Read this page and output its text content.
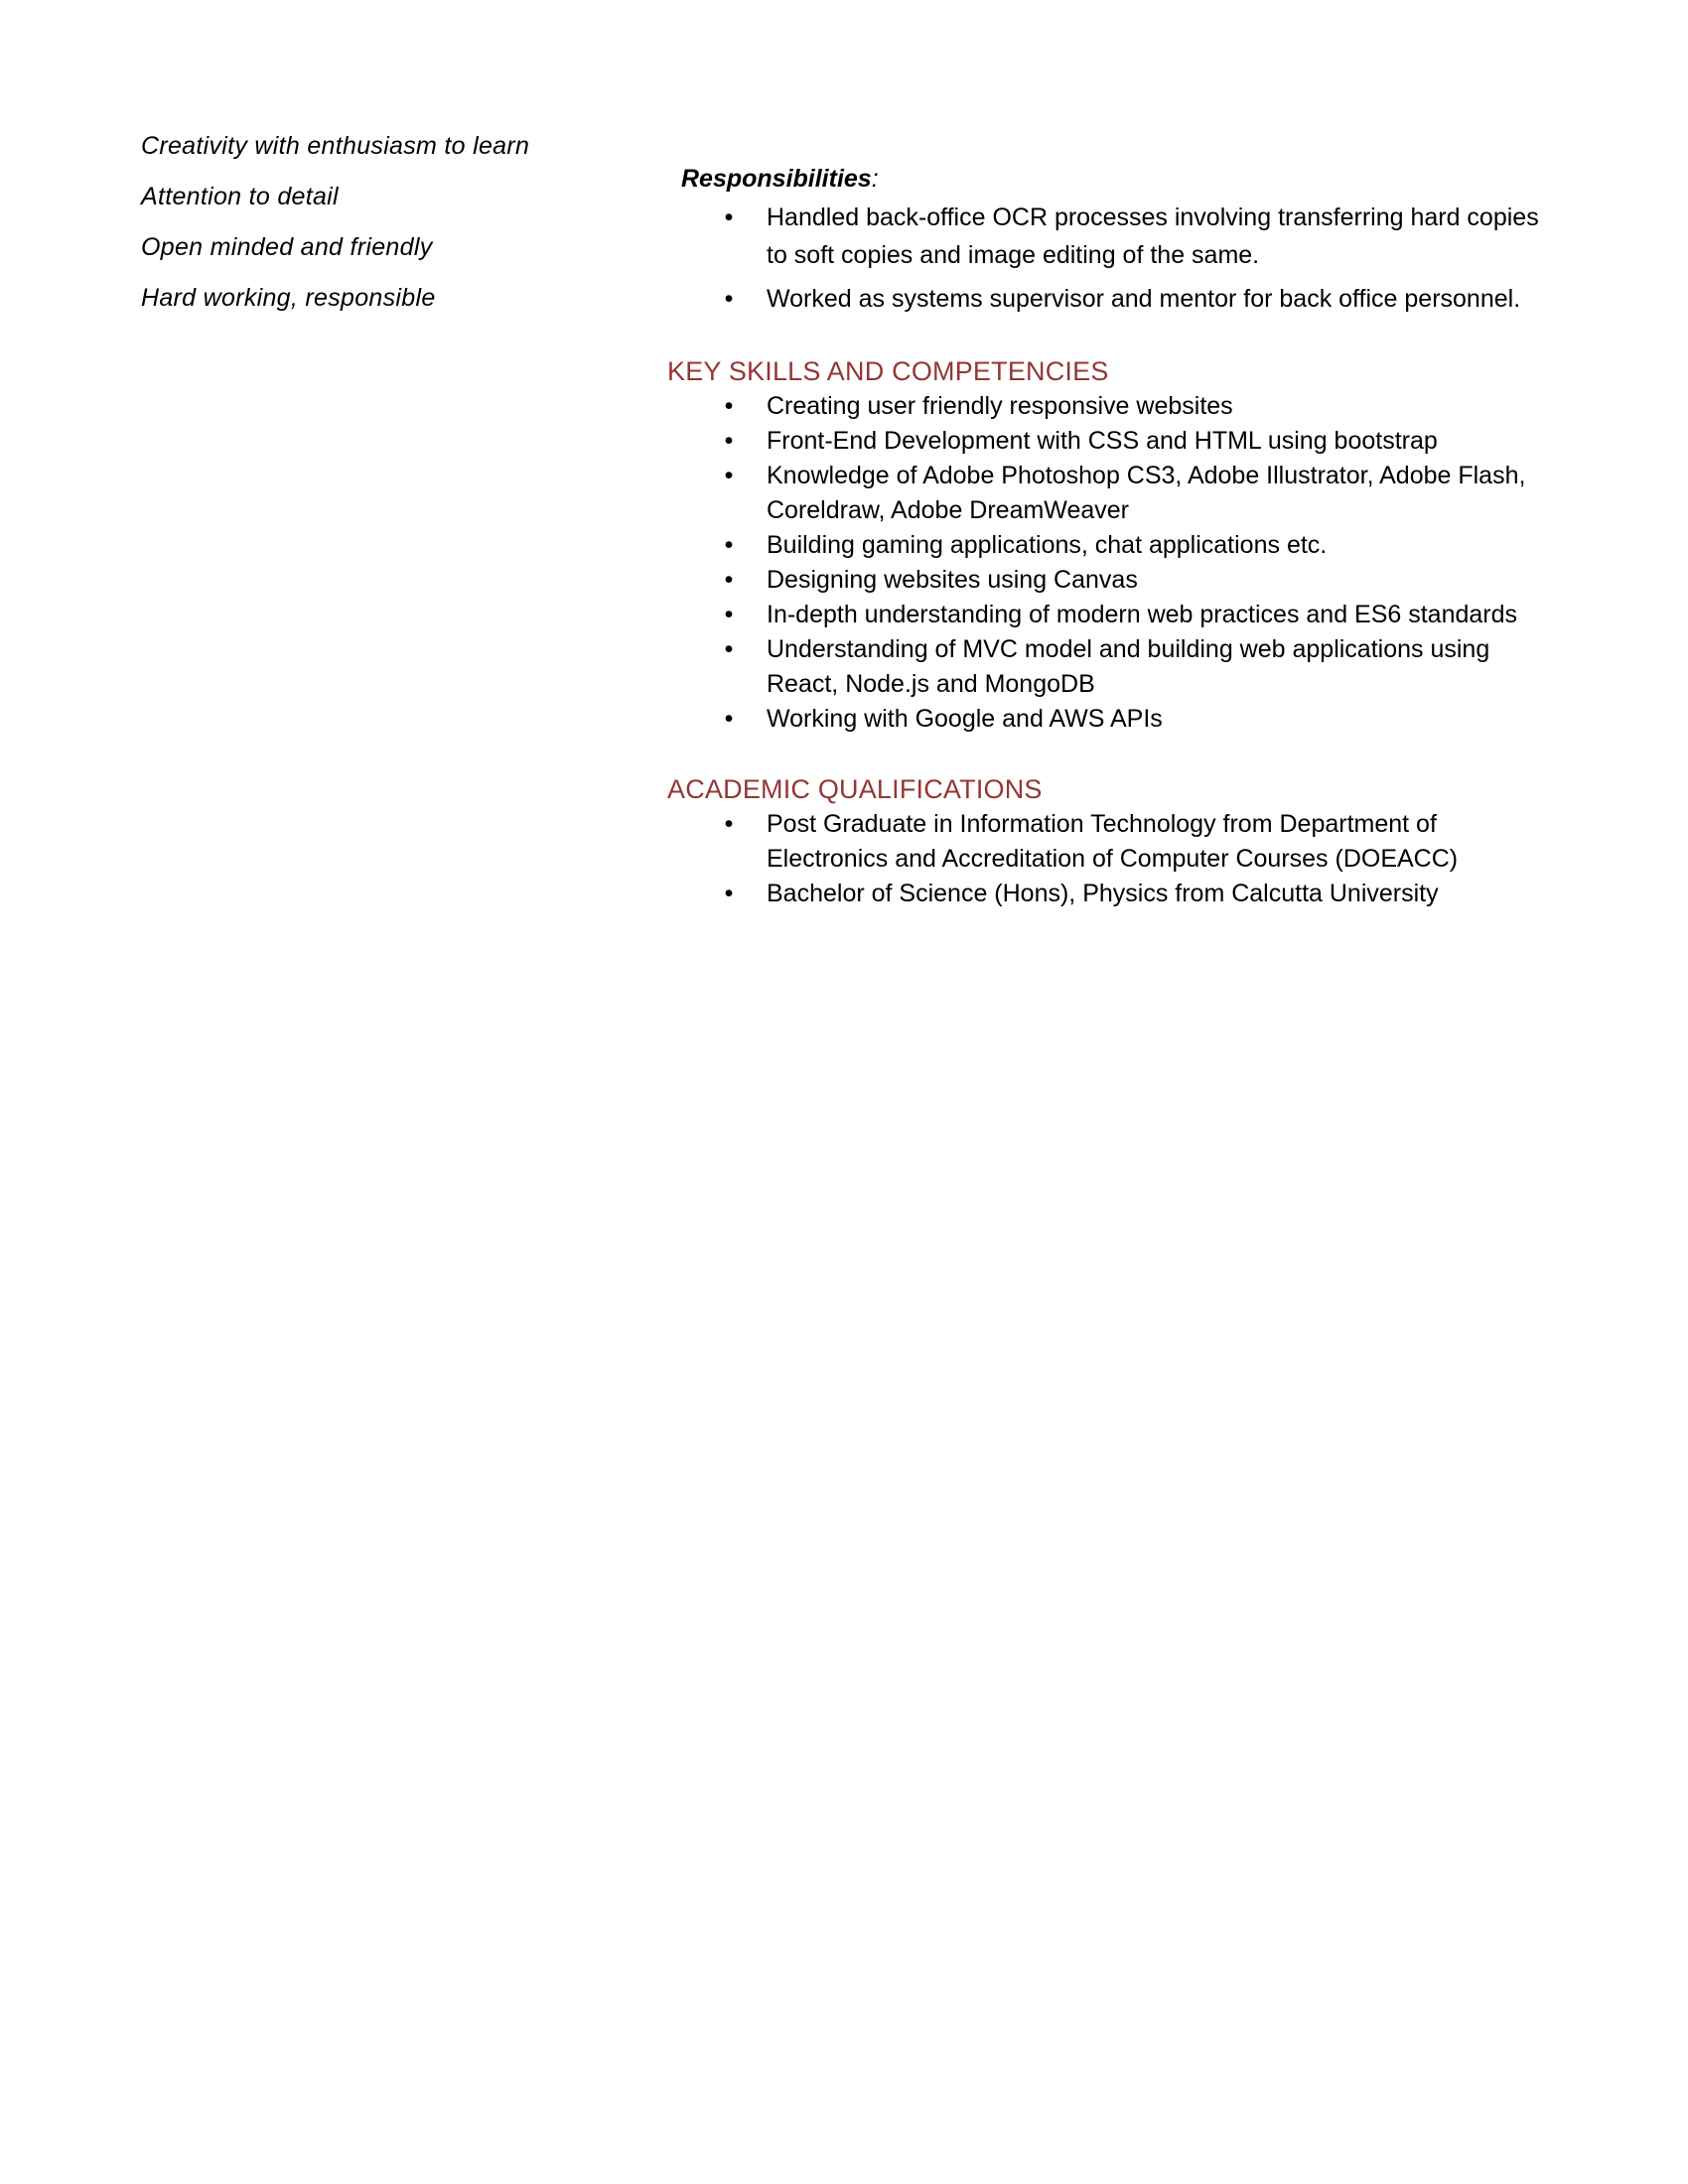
Creativity with enthusiasm to learn
Attention to detail
Open minded and friendly
Hard working, responsible
Responsibilities:
• Handled back-office OCR processes involving transferring hard copies
to soft copies and image editing of the same.
• Worked as systems supervisor and mentor for back office personnel.
KEY SKILLS AND COMPETENCIES
• Creating user friendly responsive websites
• Front-End Development with CSS and HTML using bootstrap
• Knowledge of Adobe Photoshop CS3, Adobe Illustrator, Adobe Flash,
Coreldraw, Adobe DreamWeaver
• Building gaming applications, chat applications etc.
• Designing websites using Canvas
• In-depth understanding of modern web practices and ES6 standards
• Understanding of MVC model and building web applications using
React, Node.js and MongoDB
• Working with Google and AWS APIs
ACADEMIC QUALIFICATIONS
• Post Graduate in Information Technology from Department of
Electronics and Accreditation of Computer Courses (DOEACC)
• Bachelor of Science (Hons), Physics from Calcutta University
